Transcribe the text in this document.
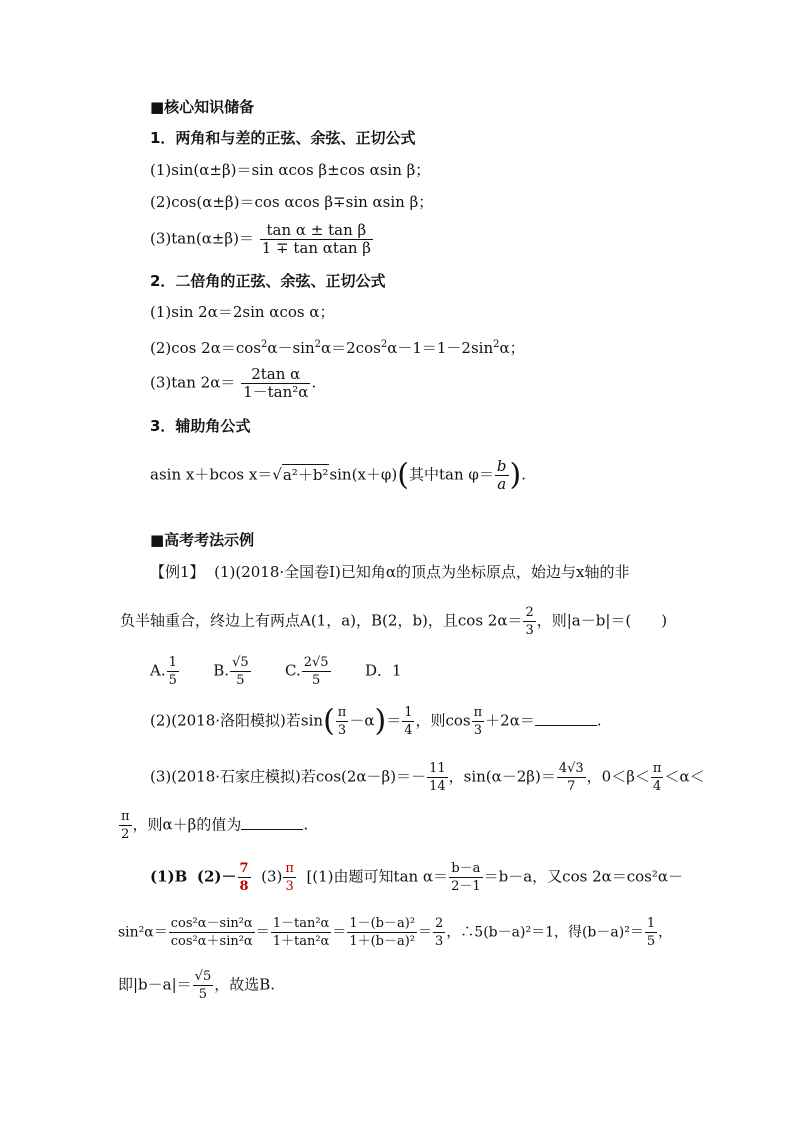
■核心知识储备
1．两角和与差的正弦、余弦、正切公式
(1)sin(α±β)＝sin αcos β±cos αsin β；
(2)cos(α±β)＝cos αcos β∓sin αsin β；
$(3)\tan(\alpha\pm\beta)= \frac{\text{tan α ± tan β}}{\text{1 ∓ tan αtan β}}$
2．二倍角的正弦、余弦、正切公式
(1)sin 2α＝2sin αcos α；
(2)cos $2\alpha=\cos^2\alpha-\sin^2\alpha=2\cos^2\alpha-1=1-2\sin^2\alpha$；
(3)tan $2\alpha= \frac{\text{2tan α}}{\text{1－tan²α}}$ .
3．辅助角公式
asin x＋bcos x＝√a²＋b²sin(x＋φ)(其中$\tan \varphi= \frac{b}{a}$ ).
■高考考法示例
【例1】 (1)(2018·全国卷Ⅰ)已知角α的顶点为坐标原点，始边与x轴的非
负半轴重合，终边上有两点A(1，a)，B(2，b)，且$\cos 2\alpha= \frac{2}{3}$ ，则|a－b|＝(　　)
A. $\frac{1}{5} B$. $\frac{√5}{5} C$. $\frac{2√5}{5}$ D．1
(2)(2018·洛阳模拟)若$\sin( \frac{\pi}{3} -\alpha)= \frac{1}{4}$ ，则$\cos \frac{\pi}{3} +2\alpha=$	.
(3)(2018·石家庄模拟)若$\cos(2\alpha-\beta)=- \frac{11}{14}$ ，$\sin(\alpha-2\beta)= \frac{4√3}{7}$ ，$0<\beta< \frac{\pi}{4} <\alpha<$
$\frac{\pi}{2}$ ，则α＋β的值为	.
(1)B $(2)- \frac{7}{8} (3) \frac{\pi}{3} [(1)$由题可知$\tan \alpha= \frac{b-a}{2-1} =b-a$，又cos 2α＝cos²α－
$\sin^2\alpha= \frac{\text{cos²α－sin²α}}{\text{cos²α＋sin²α}} = \frac{\text{1－tan²α}}{\text{1＋tan²α}} = \frac{\text{1－(b－a)²}}{\text{1＋(b－a)²}} = \frac{2}{3}$ ，∴5(b－a)²＝1，得$(b-a)^2= \frac{1}{5}$ ，
即$|b-a|= \frac{√5}{5}$ ，故选B.
